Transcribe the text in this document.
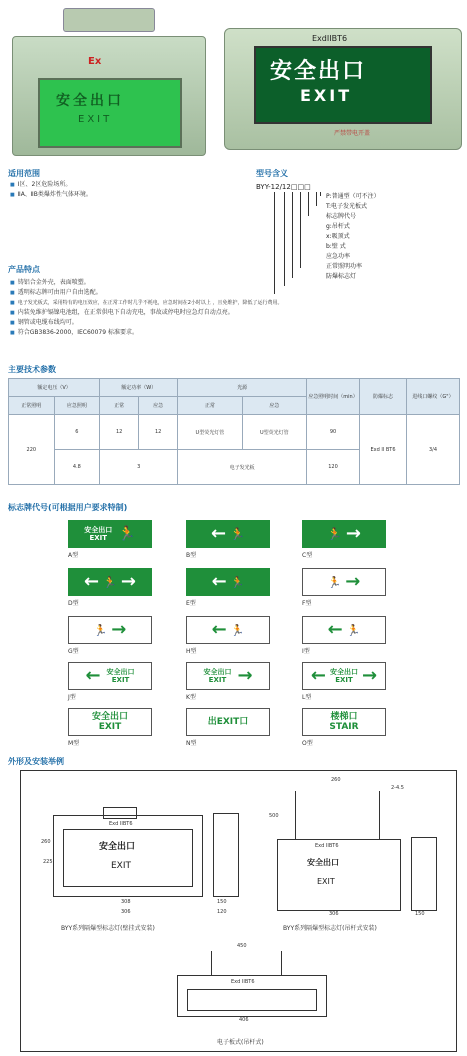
Ex
安全出口
EXIT
ExdIIBT6
安全出口
EXIT
严禁带电开盖
适用范围
■ I区、2区危险场所。
■ ⅡA、ⅡB类爆炸性气体环境。
型号含义
BYY-12/12□□□
P:普通型（可不注）
T:电子发光板式
标志牌代号
g:吊杆式
x:吸顶式
b:壁 式
应急功率
正常照明功率
防爆标志灯
产品特点
■ 铸铝合金外壳，表面喷塑。
■ 透明标志牌可由用户自由选配。
■ 电子发光板式，采用特有的电压效应，在正常工作时几乎不耗电，应急时间在2小时以上 ，且免维护，降低了运行费用。
■ 内装免维护镉镍电池组，在正常供电下自动充电，事故或停电时应急灯自动点亮。
■ 钢管或电缆布线均可。
■ 符合GB3836-2000，IEC60079 标准要求。
主要技术参数
额定电压（V）		额定功率（W）		光源		应急照明时间（min）	防爆标志	进线口螺纹（G"）
正常照明	应急照明	正常	应急	正常	应急			
220	6	12	12	U型荧光灯管	U型荧光灯管	90	Exd II BT6	3/4
	4.8	3		电子发光板		120		
标志牌代号(可根据用户要求特制)
安全出口
EXIT 🏃
A型
← 🏃
B型
🏃 →
C型
← 🏃 →
D型
← 🏃
E型
🏃 →
F型
🏃 →
G型
← 🏃
H型
← 🏃
I型
← 安全出口
EXIT
J型
安全出口
EXIT →
K型
← 安全出口
EXIT →
L型
安全出口
EXIT
M型
出EXIT口
N型
楼梯口
STAIR
O型
外形及安装举例
Exd IIBT6
安全出口
EXIT
308
306
260
225
150
120
BYY系列隔爆型标志灯(壁挂式安装)
260
2-4.5
500
Exd IIBT6
安全出口
EXIT
306	150
BYY系列隔爆型标志灯(吊杆式安装)
450
Exd IIBT6
406
电子板式(吊杆式)
